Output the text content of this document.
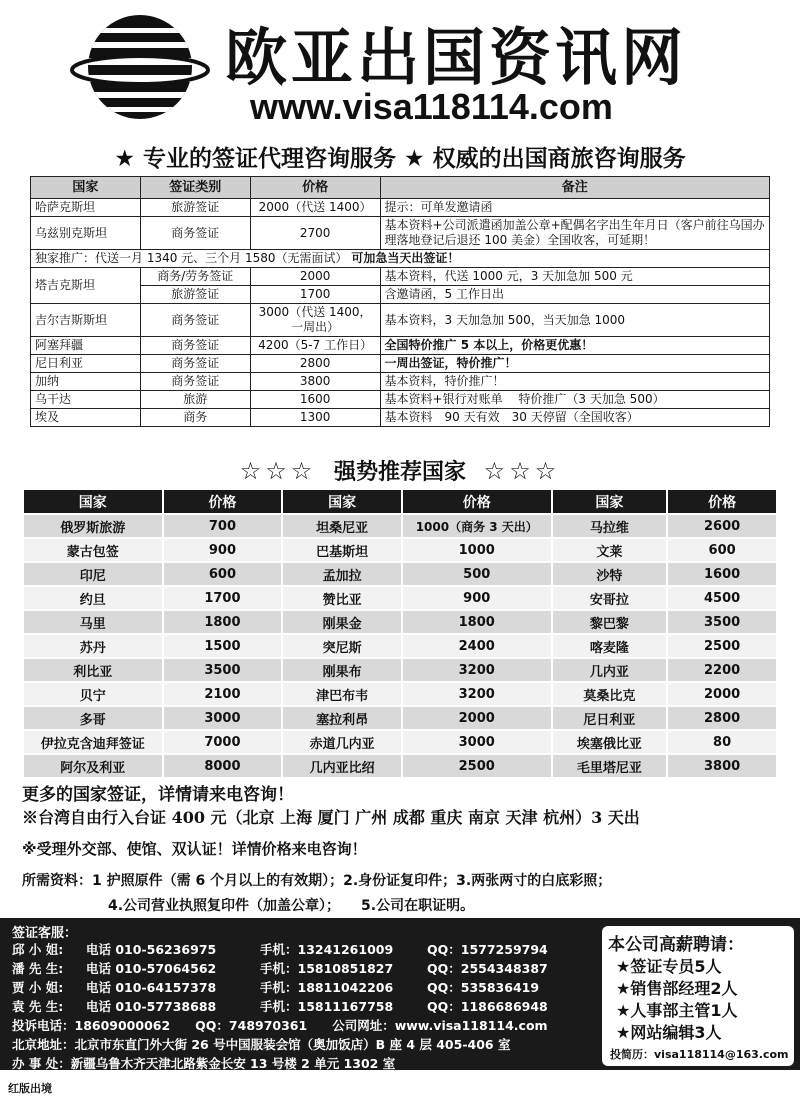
欧亚出国资讯网
www.visa118114.com
★ 专业的签证代理咨询服务 ★ 权威的出国商旅咨询服务
国家	签证类别	价格	备注
哈萨克斯坦	旅游签证	2000（代送 1400）	提示：可单发邀请函
乌兹别克斯坦	商务签证	2700	基本资料+公司派遣函加盖公章+配偶名字出生年月日（客户前往乌国办理落地登记后退还 100 美金）全国收客，可延期！
独家推广：代送一月 1340 元、三个月 1580（无需面试） 可加急当天出签证！			
塔吉克斯坦	商务/劳务签证	2000	基本资料，代送 1000 元，3 天加急加 500 元
	旅游签证	1700	含邀请函，5 工作日出
吉尔吉斯斯坦	商务签证	3000（代送 1400，一周出）	基本资料，3 天加急加 500，当天加急 1000
阿塞拜疆	商务签证	4200（5-7 工作日）	全国特价推广 5 本以上，价格更优惠！
尼日利亚	商务签证	2800	一周出签证，特价推广！
加纳	商务签证	3800	基本资料，特价推广！
乌干达	旅游	1600	基本资料+银行对账单　 特价推广（3 天加急 500）
埃及	商务	1300	基本资料　90 天有效　30 天停留（全国收客）
☆☆☆ 强势推荐国家 ☆☆☆
国家	价格	国家	价格	国家	价格
俄罗斯旅游	700	坦桑尼亚	1000（商务 3 天出）	马拉维	2600
蒙古包签	900	巴基斯坦	1000	文莱	600
印尼	600	孟加拉	500	沙特	1600
约旦	1700	赞比亚	900	安哥拉	4500
马里	1800	刚果金	1800	黎巴黎	3500
苏丹	1500	突尼斯	2400	喀麦隆	2500
利比亚	3500	刚果布	3200	几内亚	2200
贝宁	2100	津巴布韦	3200	莫桑比克	2000
多哥	3000	塞拉利昂	2000	尼日利亚	2800
伊拉克含迪拜签证	7000	赤道几内亚	3000	埃塞俄比亚	80
阿尔及利亚	8000	几内亚比绍	2500	毛里塔尼亚	3800
更多的国家签证，详情请来电咨询！
※台湾自由行入台证 400 元（北京 上海 厦门 广州 成都 重庆 南京 天津 杭州）3 天出
※受理外交部、使馆、双认证！详情价格来电咨询！
所需资料：1 护照原件（需 6 个月以上的有效期）；2.身份证复印件；3.两张两寸的白底彩照；
4.公司营业执照复印件（加盖公章）；　　5.公司在职证明。
签证客服：
邱 小 姐: 电话 010-56236975	手机：13241261009	QQ：1577259794
潘 先 生: 电话 010-57064562	手机：15810851827	QQ：2554348387
贾 小 姐: 电话 010-64157378	手机：18811042206	QQ：535836419
袁 先 生: 电话 010-57738688	手机：15811167758	QQ：1186686948
投诉电话：18609000062　　QQ：748970361　　公司网址：www.visa118114.com
北京地址：北京市东直门外大街 26 号中国服装会馆（奥加饭店）B 座 4 层 405-406 室
办 事 处：新疆乌鲁木齐天津北路紫金长安 13 号楼 2 单元 1302 室
本公司高薪聘请：
★签证专员5人
★销售部经理2人
★人事部主管1人
★网站编辑3人
投简历：visa118114@163.com
红版出境
